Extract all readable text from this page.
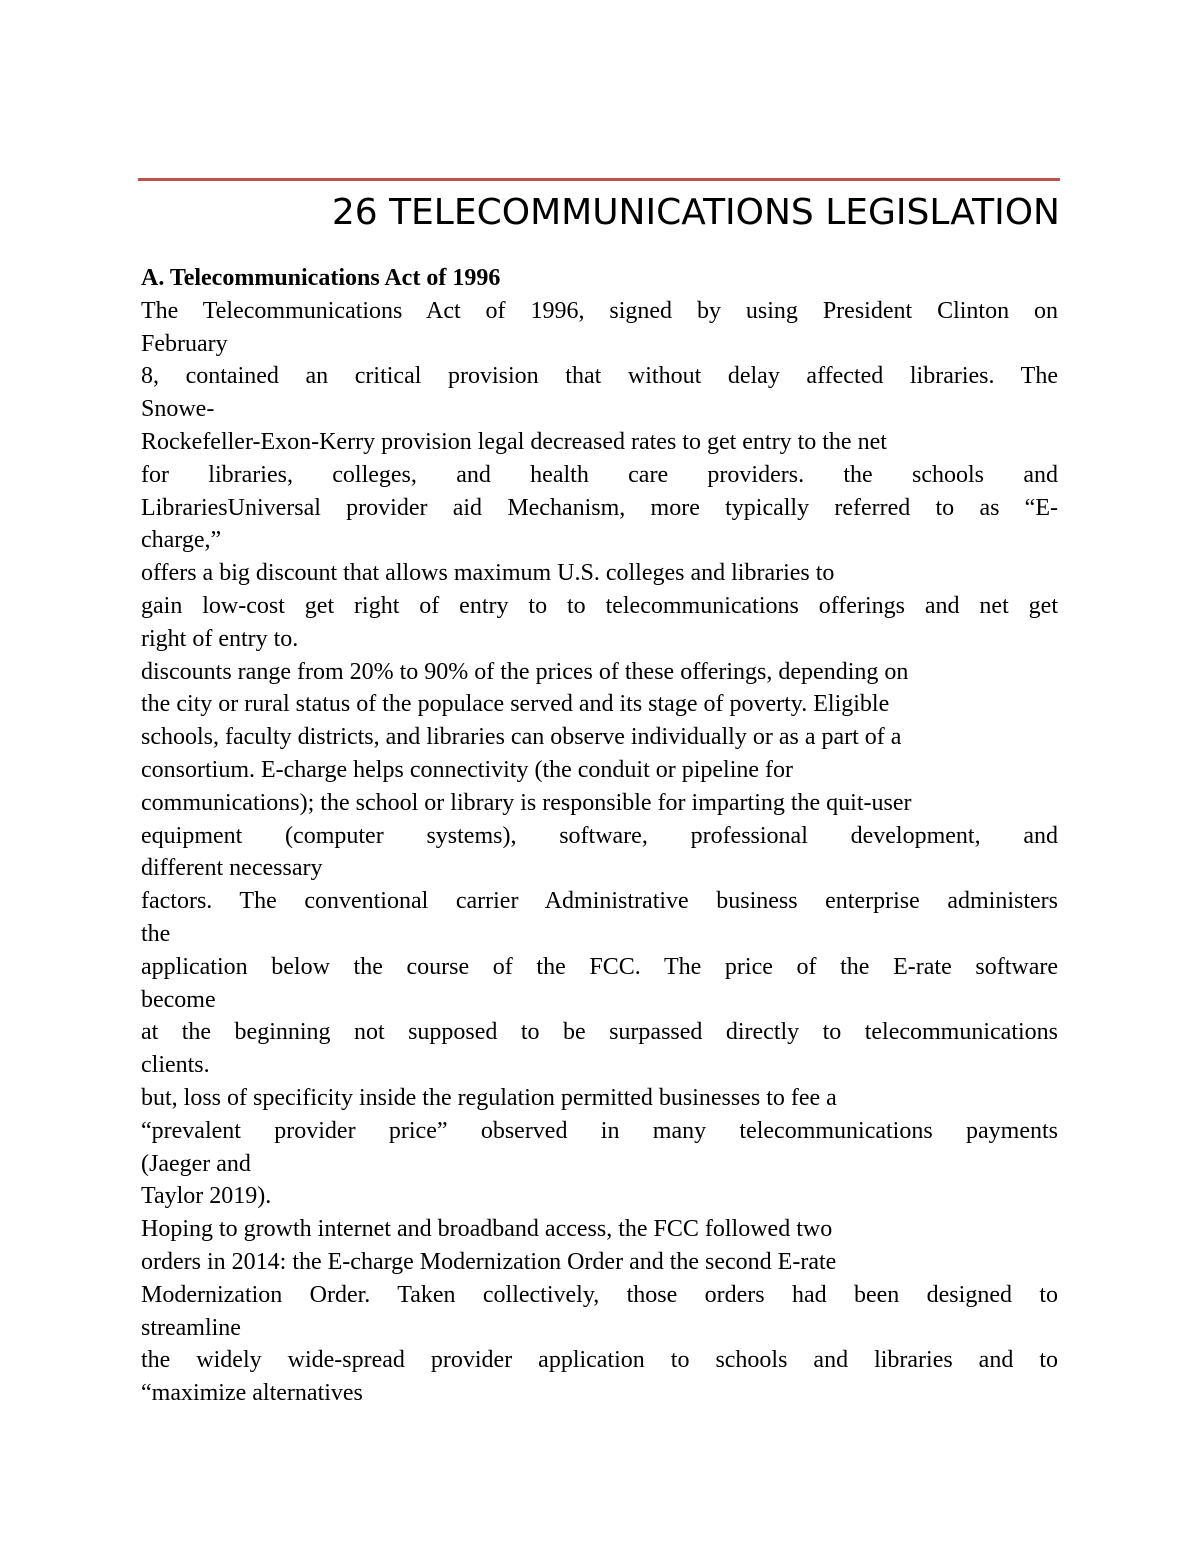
26 TELECOMMUNICATIONS LEGISLATION
A. Telecommunications Act of 1996
The Telecommunications Act of 1996, signed by using President Clinton on
February
8, contained an critical provision that without delay affected libraries. The
Snowe-
Rockefeller-Exon-Kerry provision legal decreased rates to get entry to the net
for libraries, colleges, and health care providers. the schools and
LibrariesUniversal provider aid Mechanism, more typically referred to as “E-
charge,”
offers a big discount that allows maximum U.S. colleges and libraries to
gain low-cost get right of entry to to telecommunications offerings and net get
right of entry to.
discounts range from 20% to 90% of the prices of these offerings, depending on
the city or rural status of the populace served and its stage of poverty. Eligible
schools, faculty districts, and libraries can observe individually or as a part of a
consortium. E-charge helps connectivity (the conduit or pipeline for
communications); the school or library is responsible for imparting the quit-user
equipment (computer systems), software, professional development, and
different necessary
factors. The conventional carrier Administrative business enterprise administers
the
application below the course of the FCC. The price of the E-rate software
become
at the beginning not supposed to be surpassed directly to telecommunications
clients.
but, loss of specificity inside the regulation permitted businesses to fee a
“prevalent provider price” observed in many telecommunications payments
(Jaeger and
Taylor 2019).
Hoping to growth internet and broadband access, the FCC followed two
orders in 2014: the E-charge Modernization Order and the second E-rate
Modernization Order. Taken collectively, those orders had been designed to
streamline
the widely wide-spread provider application to schools and libraries and to
“maximize alternatives
